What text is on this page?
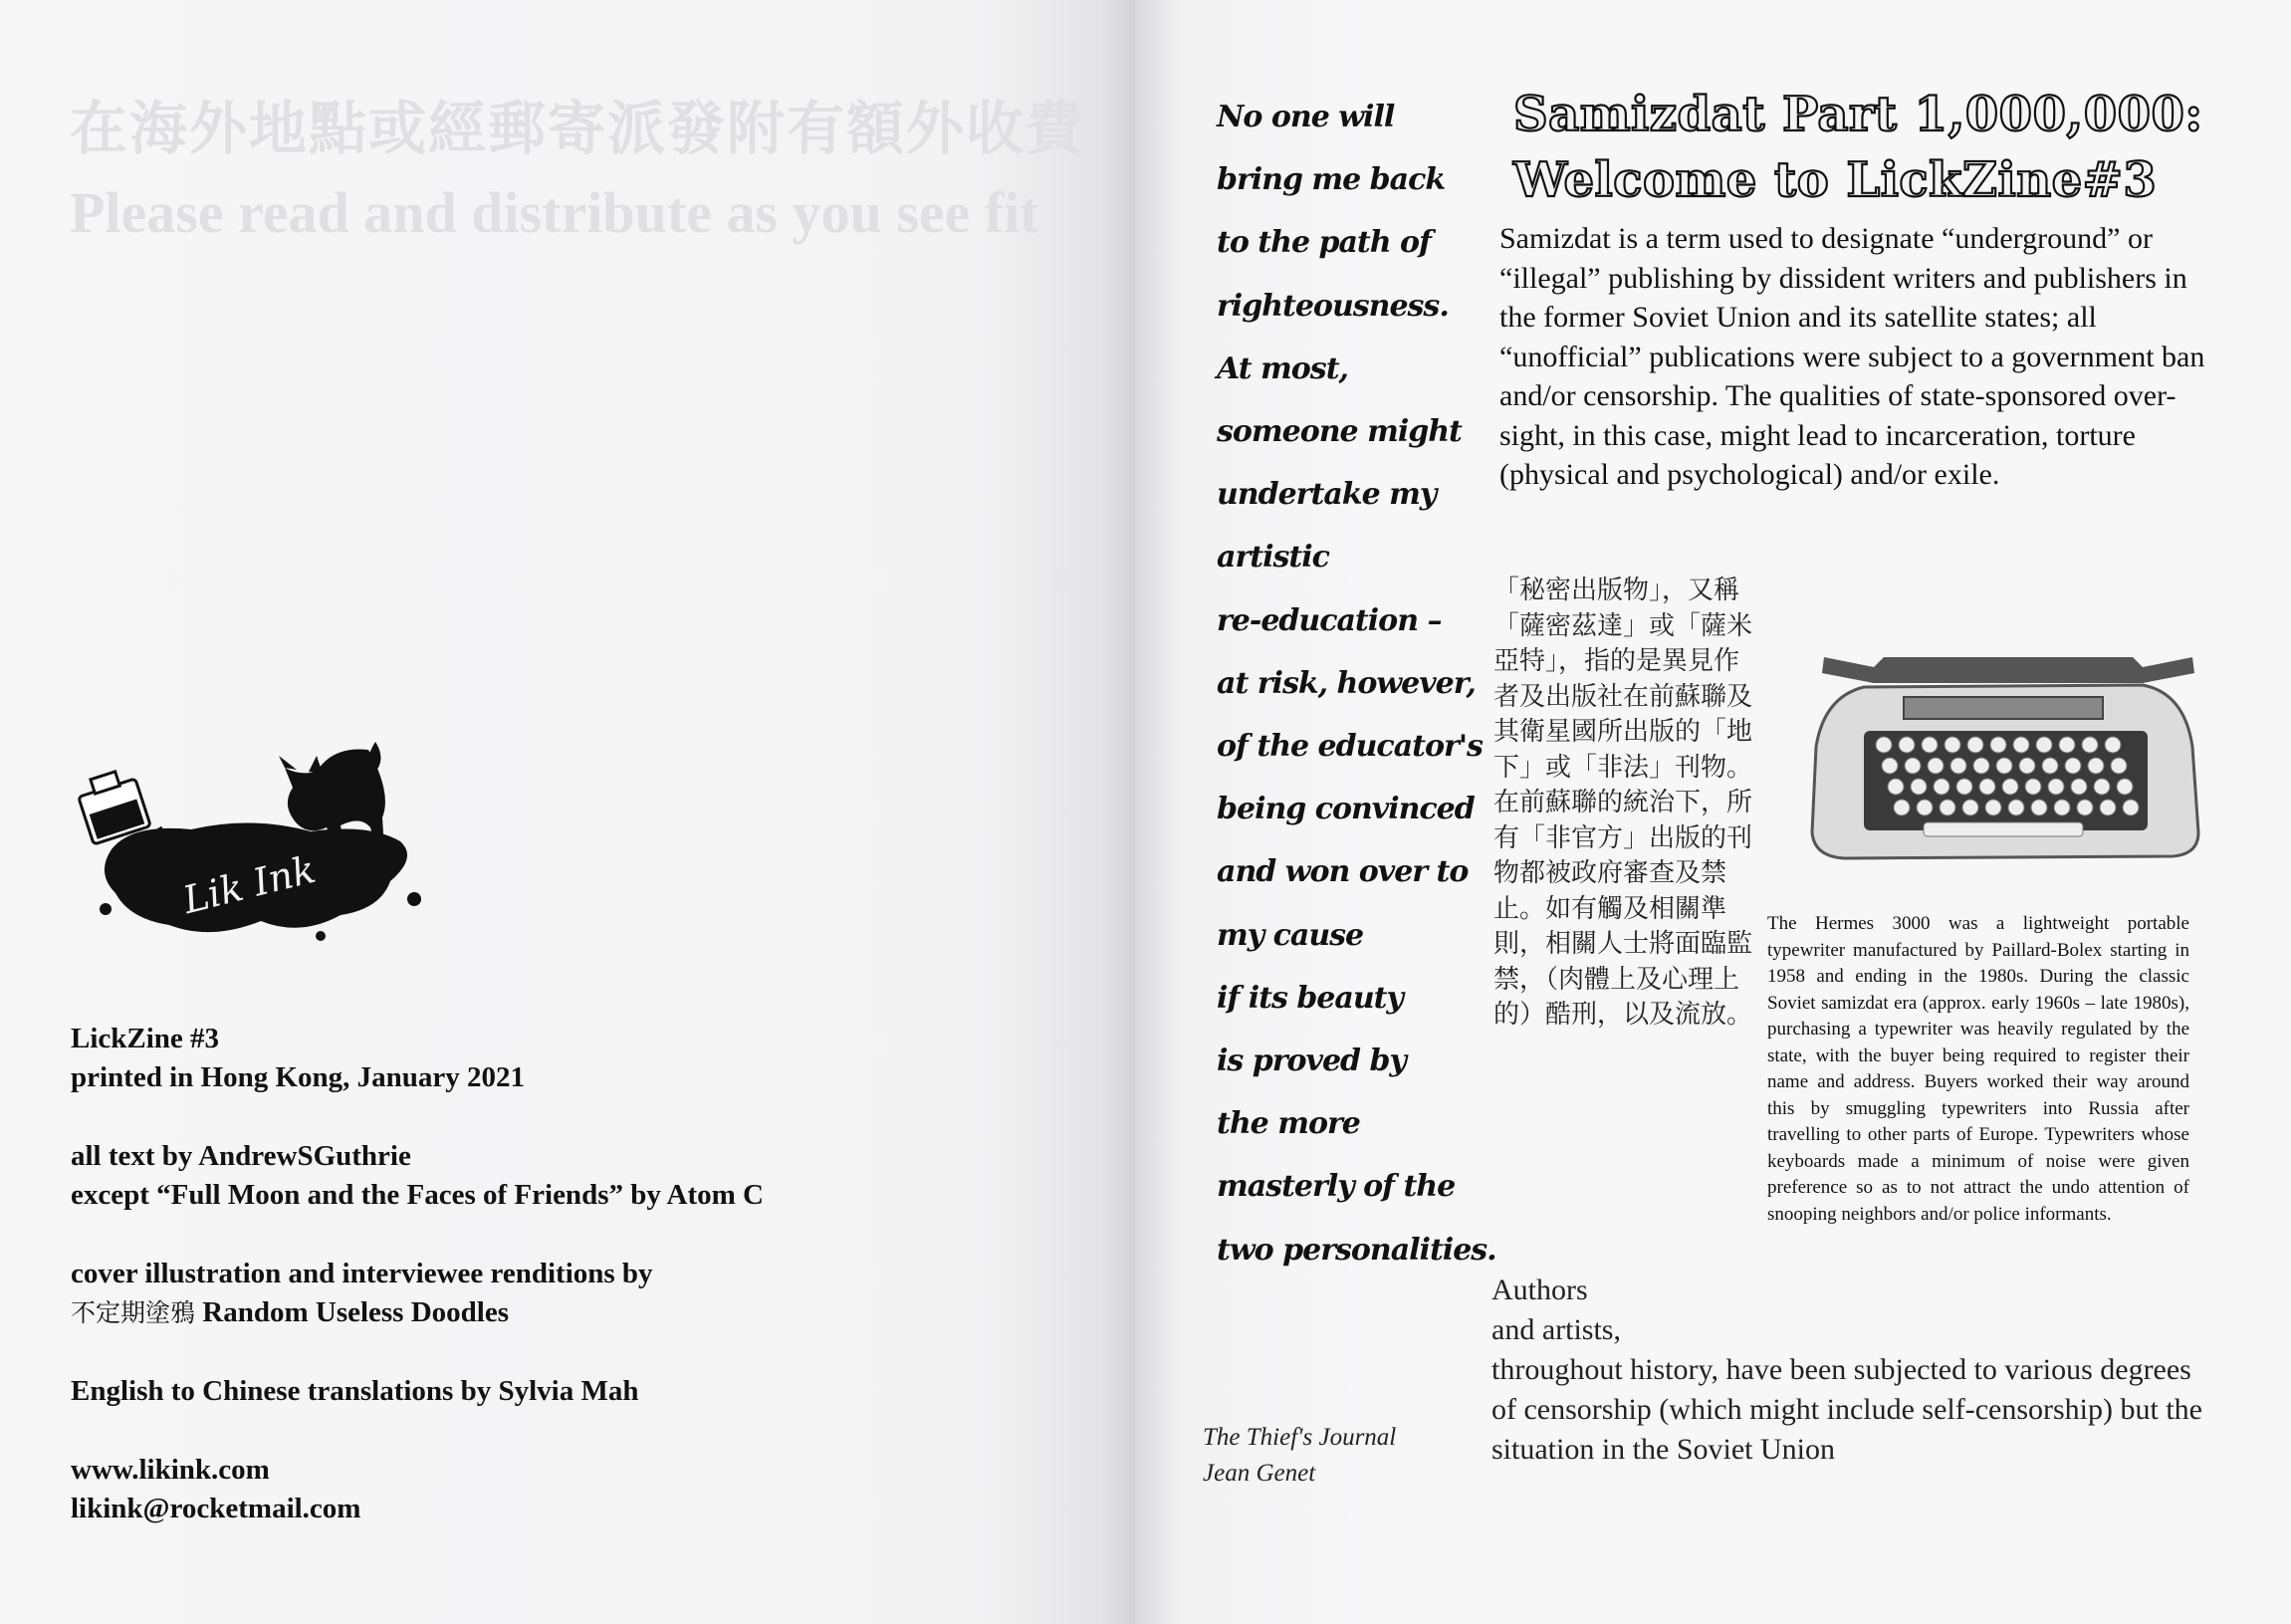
在海外地點或經郵寄派發附有額外收費
Please read and distribute as you see fit
Lik Ink

LickZine #3

printed in Hong Kong, January 2021

all text by AndrewSGuthrie

except “Full Moon and the Faces of Friends” by Atom C

cover illustration and interviewee renditions by

不定期塗鴉 Random Useless Doodles

English to Chinese translations by Sylvia Mah

www.likink.com

likink@rocketmail.com

No one will

bring me back

to the path of

righteousness.

At most,

someone might

undertake my

artistic

re-education –

at risk, however,

of the educator's

being convinced

and won over to

my cause

if its beauty

is proved by

the more

masterly of the

two personalities.

The Thief's Journal

Jean Genet

Samizdat Part 1,000,000:

Welcome to LickZine#3

Samizdat is a term used to designate “underground” or “illegal” publishing by dissident writers and publishers in the former Soviet Union and its satellite states; all “unofficial” publications were subject to a government ban and/or censorship. The qualities of state-sponsored over-sight, in this case, might lead to incarceration, torture (physical and psychological) and/or exile.
「秘密出版物」，又稱「薩密茲達」或「薩米亞特」，指的是異見作者及出版社在前蘇聯及其衛星國所出版的「地下」或「非法」刊物。在前蘇聯的統治下，所有「非官方」出版的刊物都被政府審查及禁止。如有觸及相關準則，相關人士將面臨監禁，（肉體上及心理上的）酷刑，以及流放。
The Hermes 3000 was a lightweight portable typewriter manufactured by Paillard-Bolex starting in 1958 and ending in the 1980s. During the classic Soviet samizdat era (approx. early 1960s – late 1980s), purchasing a typewriter was heavily regulated by the state, with the buyer being required to register their name and address. Buyers worked their way around this by smuggling typewriters into Russia after travelling to other parts of Europe. Typewriters whose keyboards made a minimum of noise were given preference so as to not attract the undo attention of snooping neighbors and/or police informants.

Authors

and artists,

throughout history, have been subjected to various degrees of censorship (which might include self-censorship) but the situation in the Soviet Union
